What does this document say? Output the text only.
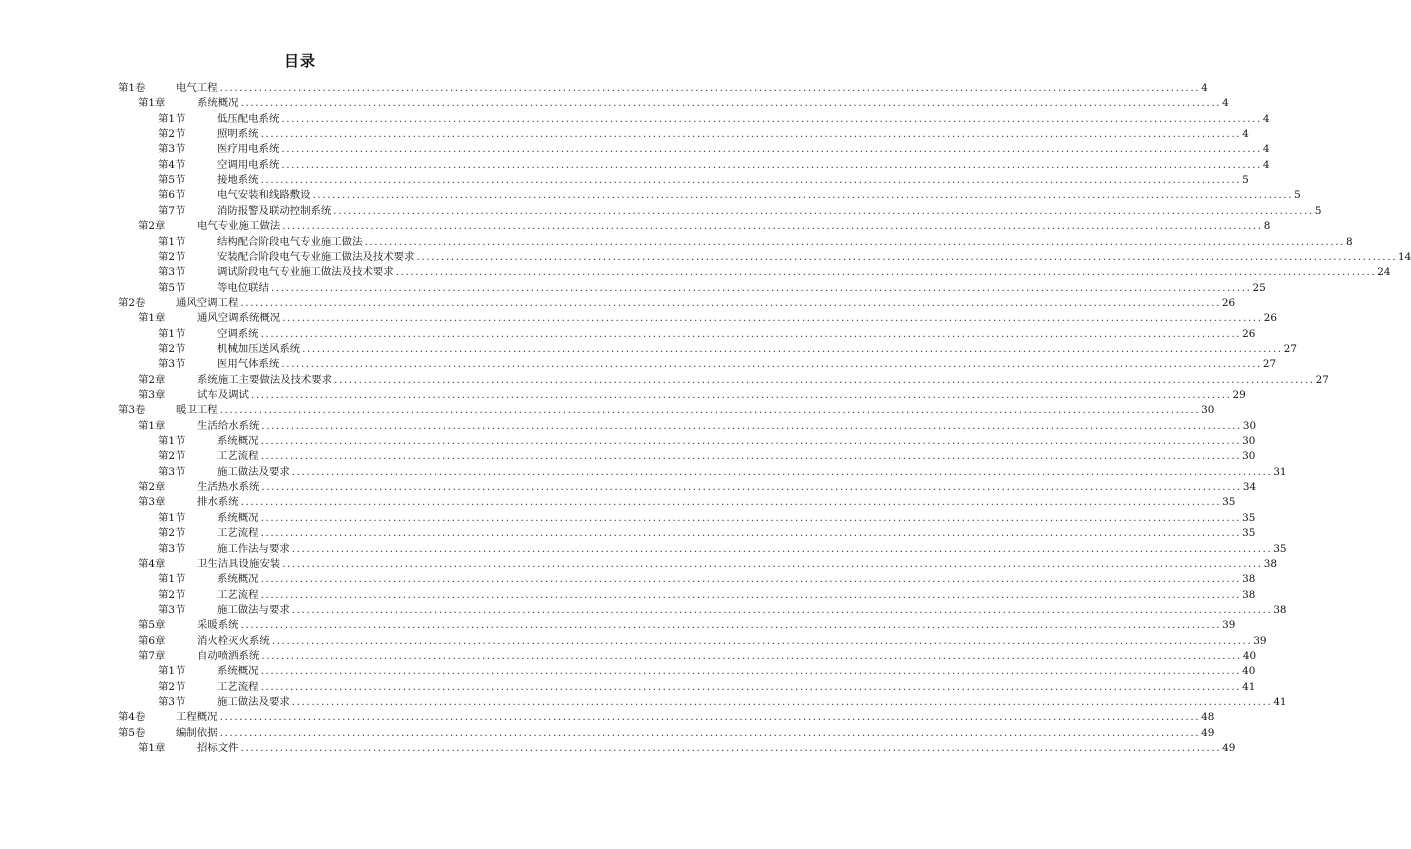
目录
第1卷	电气工程 ........................................................................................................................................................................................................ 4
第1章	系统概况 ........................................................................................................................................................................................................ 4
第1节	低压配电系统 ........................................................................................................................................................................................................ 4
第2节	照明系统 ........................................................................................................................................................................................................ 4
第3节	医疗用电系统 ........................................................................................................................................................................................................ 4
第4节	空调用电系统 ........................................................................................................................................................................................................ 4
第5节	接地系统 ........................................................................................................................................................................................................ 5
第6节	电气安装和线路敷设 ........................................................................................................................................................................................................ 5
第7节	消防报警及联动控制系统 ........................................................................................................................................................................................................ 5
第2章	电气专业施工做法 ........................................................................................................................................................................................................ 8
第1节	结构配合阶段电气专业施工做法 ........................................................................................................................................................................................................ 8
第2节	安装配合阶段电气专业施工做法及技术要求 ........................................................................................................................................................................................................ 14
第3节	调试阶段电气专业施工做法及技术要求 ........................................................................................................................................................................................................ 24
第5节	等电位联结 ........................................................................................................................................................................................................ 25
第2卷	通风空调工程 ........................................................................................................................................................................................................ 26
第1章	通风空调系统概况 ........................................................................................................................................................................................................ 26
第1节	空调系统 ........................................................................................................................................................................................................ 26
第2节	机械加压送风系统 ........................................................................................................................................................................................................ 27
第3节	医用气体系统 ........................................................................................................................................................................................................ 27
第2章	系统施工主要做法及技术要求 ........................................................................................................................................................................................................ 27
第3章	试车及调试 ........................................................................................................................................................................................................ 29
第3卷	暖卫工程 ........................................................................................................................................................................................................ 30
第1章	生活给水系统 ........................................................................................................................................................................................................ 30
第1节	系统概况 ........................................................................................................................................................................................................ 30
第2节	工艺流程 ........................................................................................................................................................................................................ 30
第3节	施工做法及要求 ........................................................................................................................................................................................................ 31
第2章	生活热水系统 ........................................................................................................................................................................................................ 34
第3章	排水系统 ........................................................................................................................................................................................................ 35
第1节	系统概况 ........................................................................................................................................................................................................ 35
第2节	工艺流程 ........................................................................................................................................................................................................ 35
第3节	施工作法与要求 ........................................................................................................................................................................................................ 35
第4章	卫生洁具设施安装 ........................................................................................................................................................................................................ 38
第1节	系统概况 ........................................................................................................................................................................................................ 38
第2节	工艺流程 ........................................................................................................................................................................................................ 38
第3节	施工做法与要求 ........................................................................................................................................................................................................ 38
第5章	采暖系统 ........................................................................................................................................................................................................ 39
第6章	消火栓灭火系统 ........................................................................................................................................................................................................ 39
第7章	自动喷洒系统 ........................................................................................................................................................................................................ 40
第1节	系统概况 ........................................................................................................................................................................................................ 40
第2节	工艺流程 ........................................................................................................................................................................................................ 41
第3节	施工做法及要求 ........................................................................................................................................................................................................ 41
第4卷	工程概况 ........................................................................................................................................................................................................ 48
第5卷	编制依据 ........................................................................................................................................................................................................ 49
第1章	招标文件 ........................................................................................................................................................................................................ 49
